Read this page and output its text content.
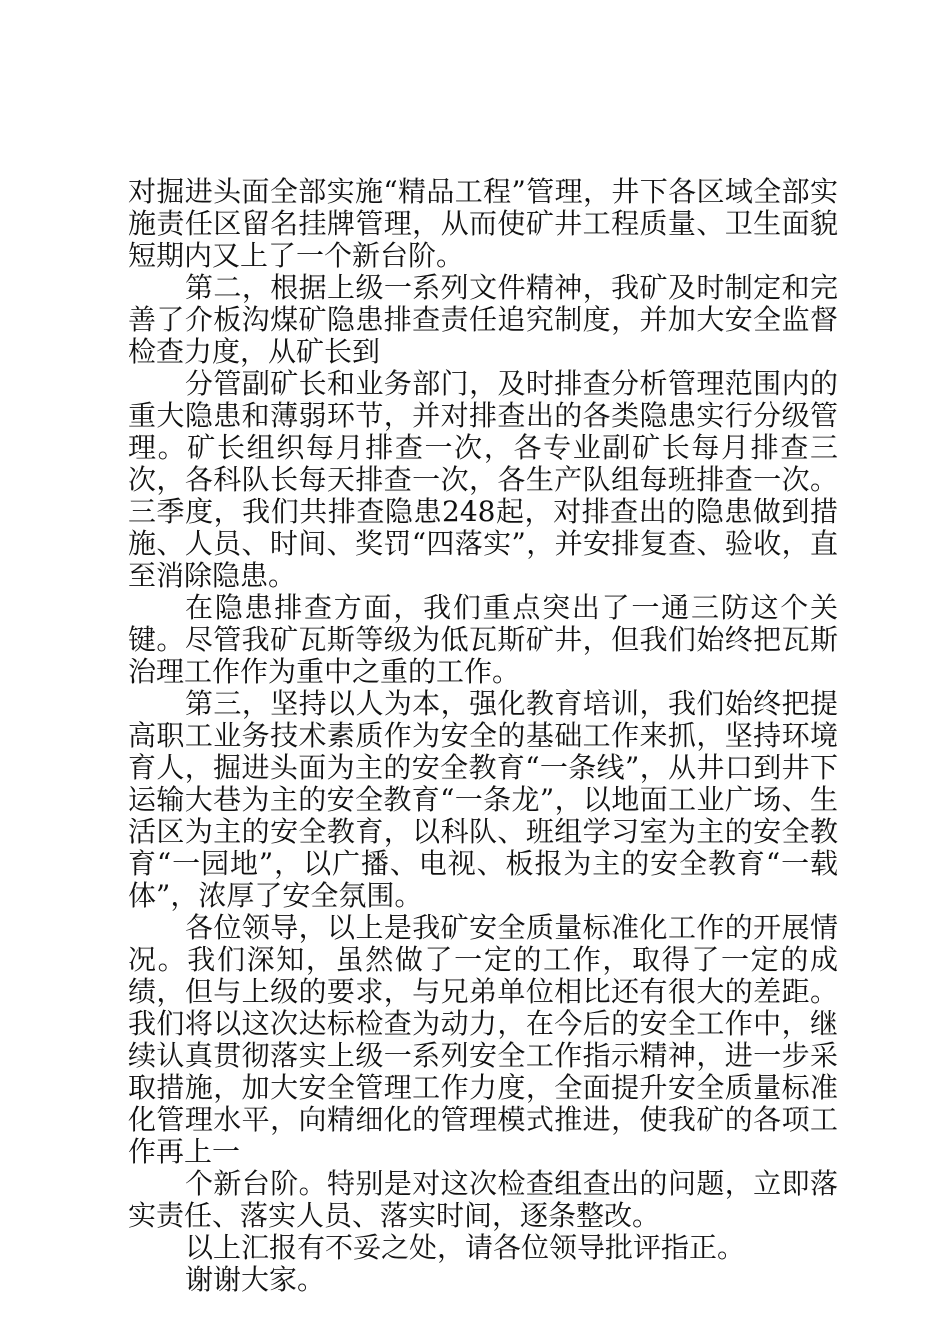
对掘进头面全部实施“精品工程”管理，井下各区域全部实施责任区留名挂牌管理，从而使矿井工程质量、卫生面貌短期内又上了一个新台阶。

第二，根据上级一系列文件精神，我矿及时制定和完善了介板沟煤矿隐患排查责任追究制度，并加大安全监督检查力度，从矿长到

分管副矿长和业务部门，及时排查分析管理范围内的重大隐患和薄弱环节，并对排查出的各类隐患实行分级管理。矿长组织每月排查一次，各专业副矿长每月排查三次，各科队长每天排查一次，各生产队组每班排查一次。三季度，我们共排查隐患248起，对排查出的隐患做到措施、人员、时间、奖罚“四落实”，并安排复查、验收，直至消除隐患。

在隐患排查方面，我们重点突出了一通三防这个关键。尽管我矿瓦斯等级为低瓦斯矿井，但我们始终把瓦斯治理工作作为重中之重的工作。

第三，坚持以人为本，强化教育培训，我们始终把提高职工业务技术素质作为安全的基础工作来抓，坚持环境育人，掘进头面为主的安全教育“一条线”，从井口到井下运输大巷为主的安全教育“一条龙”，以地面工业广场、生活区为主的安全教育，以科队、班组学习室为主的安全教育“一园地”，以广播、电视、板报为主的安全教育“一载体”，浓厚了安全氛围。

各位领导，以上是我矿安全质量标准化工作的开展情况。我们深知，虽然做了一定的工作，取得了一定的成绩，但与上级的要求，与兄弟单位相比还有很大的差距。我们将以这次达标检查为动力，在今后的安全工作中，继续认真贯彻落实上级一系列安全工作指示精神，进一步采取措施，加大安全管理工作力度，全面提升安全质量标准化管理水平，向精细化的管理模式推进，使我矿的各项工作再上一

个新台阶。特别是对这次检查组查出的问题，立即落实责任、落实人员、落实时间，逐条整改。

以上汇报有不妥之处，请各位领导批评指正。

谢谢大家。
